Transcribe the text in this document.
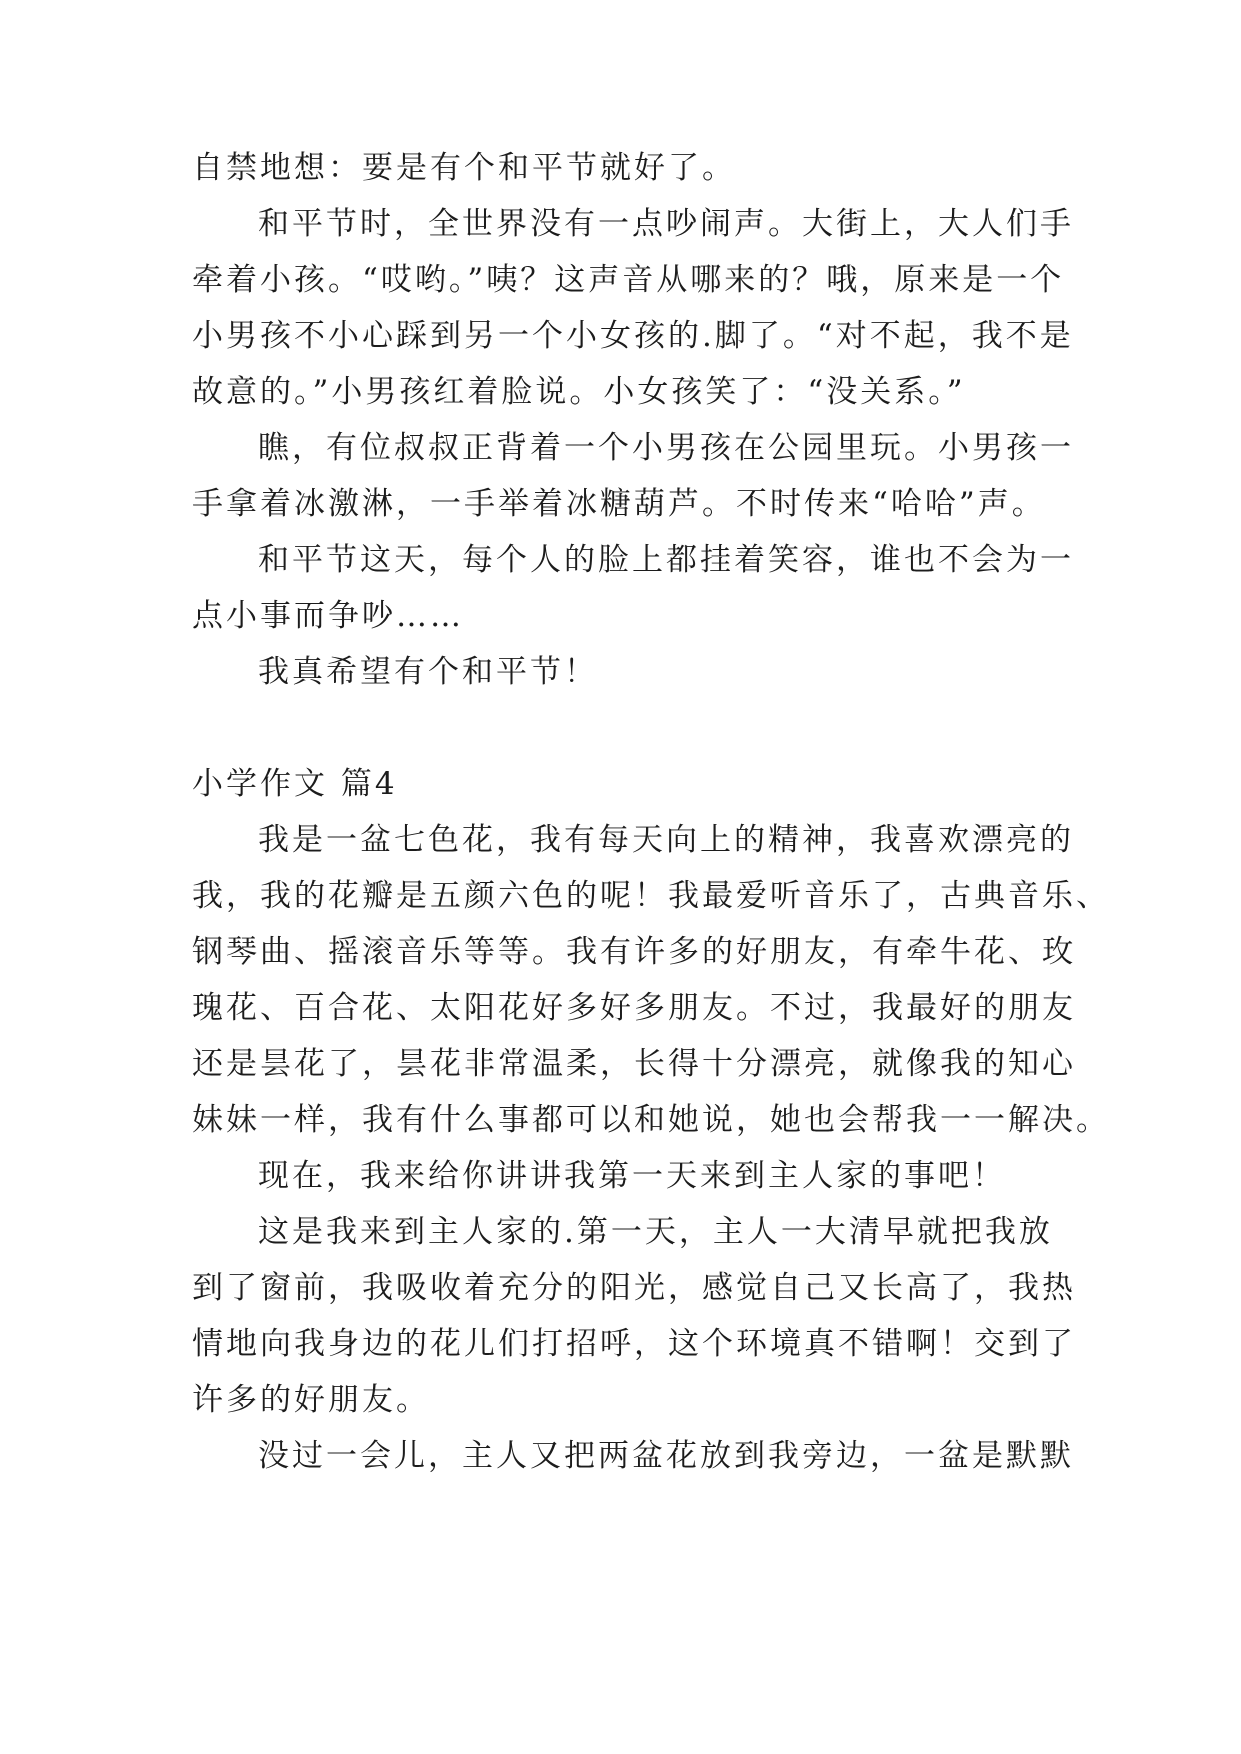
自禁地想：要是有个和平节就好了。
和平节时，全世界没有一点吵闹声。大街上，大人们手
牵着小孩。“哎哟。”咦？这声音从哪来的？哦，原来是一个
小男孩不小心踩到另一个小女孩的.脚了。“对不起，我不是
故意的。”小男孩红着脸说。小女孩笑了：“没关系。”
瞧，有位叔叔正背着一个小男孩在公园里玩。小男孩一
手拿着冰激淋，一手举着冰糖葫芦。不时传来“哈哈”声。
和平节这天，每个人的脸上都挂着笑容，谁也不会为一
点小事而争吵……
我真希望有个和平节！
小学作文 篇4
我是一盆七色花，我有每天向上的精神，我喜欢漂亮的
我，我的花瓣是五颜六色的呢！我最爱听音乐了，古典音乐、
钢琴曲、摇滚音乐等等。我有许多的好朋友，有牵牛花、玫
瑰花、百合花、太阳花好多好多朋友。不过，我最好的朋友
还是昙花了，昙花非常温柔，长得十分漂亮，就像我的知心
妹妹一样，我有什么事都可以和她说，她也会帮我一一解决。
现在，我来给你讲讲我第一天来到主人家的事吧！
这是我来到主人家的.第一天，主人一大清早就把我放
到了窗前，我吸收着充分的阳光，感觉自己又长高了，我热
情地向我身边的花儿们打招呼，这个环境真不错啊！交到了
许多的好朋友。
没过一会儿，主人又把两盆花放到我旁边，一盆是默默
